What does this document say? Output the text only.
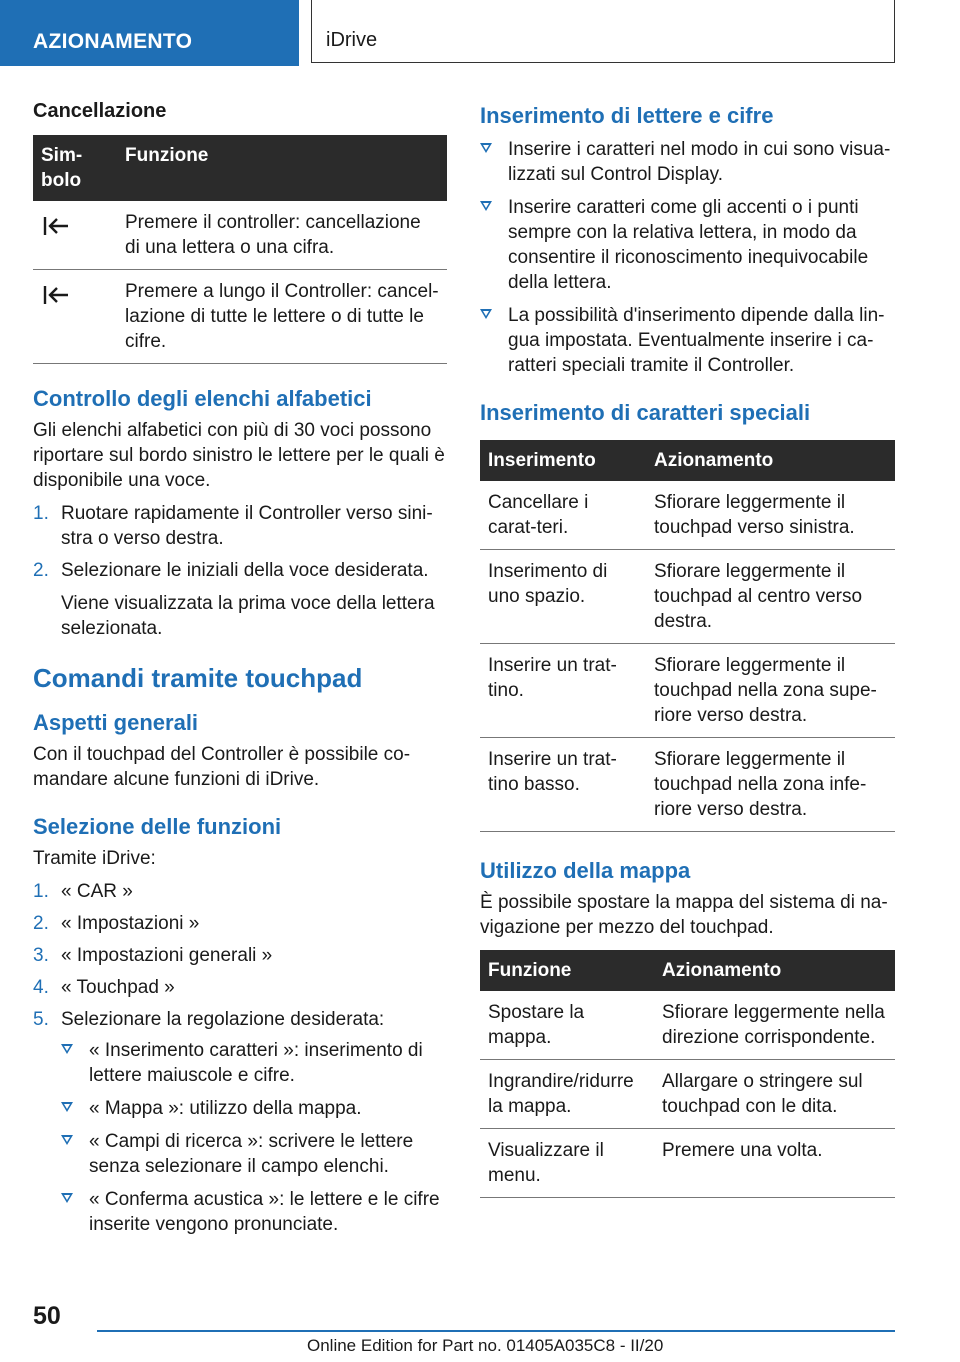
AZIONAMENTO	iDrive
Cancellazione
Sim-
bolo	Funzione

	Premere il controller: cancellazione di una lettera o una cifra.

	Premere a lungo il Controller: cancel-lazione di tutte le lettere o di tutte le cifre.
Controllo degli elenchi alfabetici

Gli elenchi alfabetici con più di 30 voci possono riportare sul bordo sinistro le lettere per le quali è disponibile una voce.

1. Ruotare rapidamente il Controller verso sini-stra o verso destra.
2. Selezionare le iniziali della voce desiderata.
Viene visualizzata la prima voce della lettera selezionata.
Comandi tramite touchpad
Aspetti generali

Con il touchpad del Controller è possibile co-mandare alcune funzioni di iDrive.

Selezione delle funzioni

Tramite iDrive:

1. « CAR »
2. « Impostazioni »
3. « Impostazioni generali »
4. « Touchpad »
5. Selezionare la regolazione desiderata:
« Inserimento caratteri »: inserimento di lettere maiuscole e cifre.
« Mappa »: utilizzo della mappa.
« Campi di ricerca »: scrivere le lettere senza selezionare il campo elenchi.
« Conferma acustica »: le lettere e le cifre inserite vengono pronunciate.
Inserimento di lettere e cifre
Inserire i caratteri nel modo in cui sono visua-lizzati sul Control Display.
Inserire caratteri come gli accenti o i punti sempre con la relativa lettera, in modo da consentire il riconoscimento inequivocabile della lettera.
La possibilità d'inserimento dipende dalla lin-gua impostata. Eventualmente inserire i ca-ratteri speciali tramite il Controller.
Inserimento di caratteri speciali
Inserimento	Azionamento
Cancellare i carat-teri.	Sfiorare leggermente il touchpad verso sinistra.
Inserimento di uno spazio.	Sfiorare leggermente il touchpad al centro verso destra.
Inserire un trat-tino.	Sfiorare leggermente il touchpad nella zona supe-riore verso destra.
Inserire un trat-tino basso.	Sfiorare leggermente il touchpad nella zona infe-riore verso destra.
Utilizzo della mappa

È possibile spostare la mappa del sistema di na-vigazione per mezzo del touchpad.

Funzione	Azionamento
Spostare la mappa.	Sfiorare leggermente nella direzione corrispondente.
Ingrandire/ridurre la mappa.	Allargare o stringere sul touchpad con le dita.
Visualizzare il menu.	Premere una volta.
50
Online Edition for Part no. 01405A035C8 - II/20
